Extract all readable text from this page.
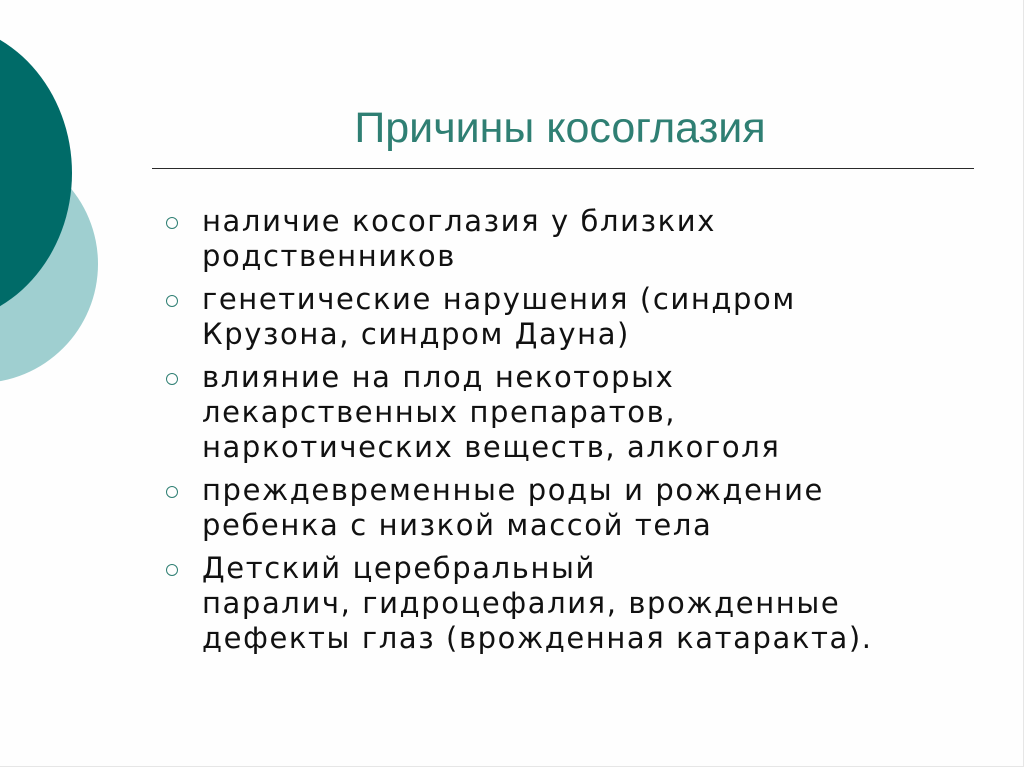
Причины косоглазия
наличие косоглазия у близких
родственников
генетические нарушения (синдром
Крузона, синдром Дауна)
влияние на плод некоторых
лекарственных препаратов,
наркотических веществ, алкоголя
преждевременные роды и рождение
ребенка с низкой массой тела
Детский церебральный
паралич, гидроцефалия, врожденные
дефекты глаз (врожденная катаракта).
